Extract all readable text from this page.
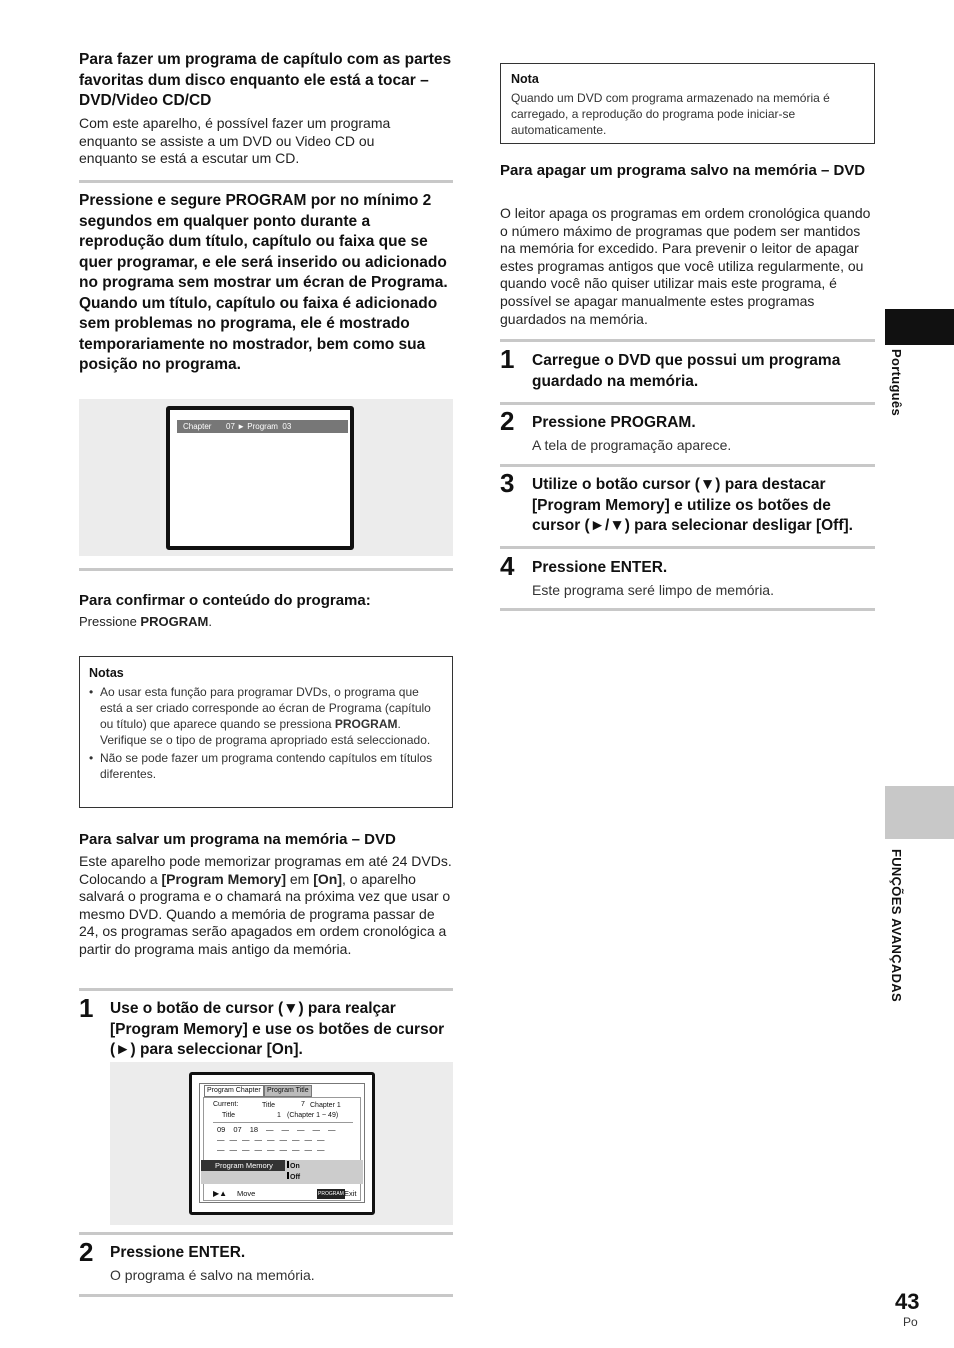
Para fazer um programa de capítulo com as partes favoritas dum disco enquanto ele está a tocar – DVD/Video CD/CD
Com este aparelho, é possível fazer um programa enquanto se assiste a um DVD ou Video CD ou enquanto se está a escutar um CD.
Pressione e segure PROGRAM por no mínimo 2 segundos em qualquer ponto durante a reprodução dum título, capítulo ou faixa que se quer programar, e ele será inserido ou adicionado no programa sem mostrar um écran de Programa. Quando um título, capítulo ou faixa é adicionado sem problemas no programa, ele é mostrado temporariamente no mostrador, bem como sua posição no programa.
Chapter 07 ► Program  03
Para confirmar o conteúdo do programa:
Pressione PROGRAM.
Notas
• Ao usar esta função para programar DVDs, o programa que está a ser criado corresponde ao écran de Programa (capítulo ou título) que aparece quando se pressiona PROGRAM. Verifique se o tipo de programa apropriado está seleccionado.
• Não se pode fazer um programa contendo capítulos em títulos diferentes.
Para salvar um programa na memória – DVD
Este aparelho pode memorizar programas em até 24 DVDs. Colocando a [Program Memory] em [On], o aparelho salvará o programa e o chamará na próxima vez que usar o mesmo DVD. Quando a memória de programa passar de 24, os programas serão apagados em ordem cronológica a partir do programa mais antigo da memória.
1 Use o botão de cursor (▼) para realçar [Program Memory] e use os botões de cursor (►) para seleccionar [On].
Program Chapter Program Title
Current:	Title	7 Chapter 1
Title	1 (Chapter 1 ~ 49)
09 07 18 — — — — —
— — — — — — — — —
— — — — — — — — —
Program Memory	On
Off
▶▲ Move	PROGRAM Exit
2 Pressione ENTER.
O programa é salvo na memória.
Nota
Quando um DVD com programa armazenado na memória é carregado, a reprodução do programa pode iniciar-se automaticamente.
Para apagar um programa salvo na memória – DVD
O leitor apaga os programas em ordem cronológica quando o número máximo de programas que podem ser mantidos na memória for excedido. Para prevenir o leitor de apagar estes programas antigos que você utiliza regularmente, ou quando você não quiser utilizar mais este programa, é possível se apagar manualmente estes programas guardados na memória.
1 Carregue o DVD que possui um programa guardado na memória.
2 Pressione PROGRAM.
A tela de programação aparece.
3 Utilize o botão cursor (▼) para destacar [Program Memory] e utilize os botões de cursor (►/▼) para selecionar desligar [Off].
4 Pressione ENTER.
Este programa seré limpo de memória.
Português
FUNÇÕES AVANÇADAS
43
Po
